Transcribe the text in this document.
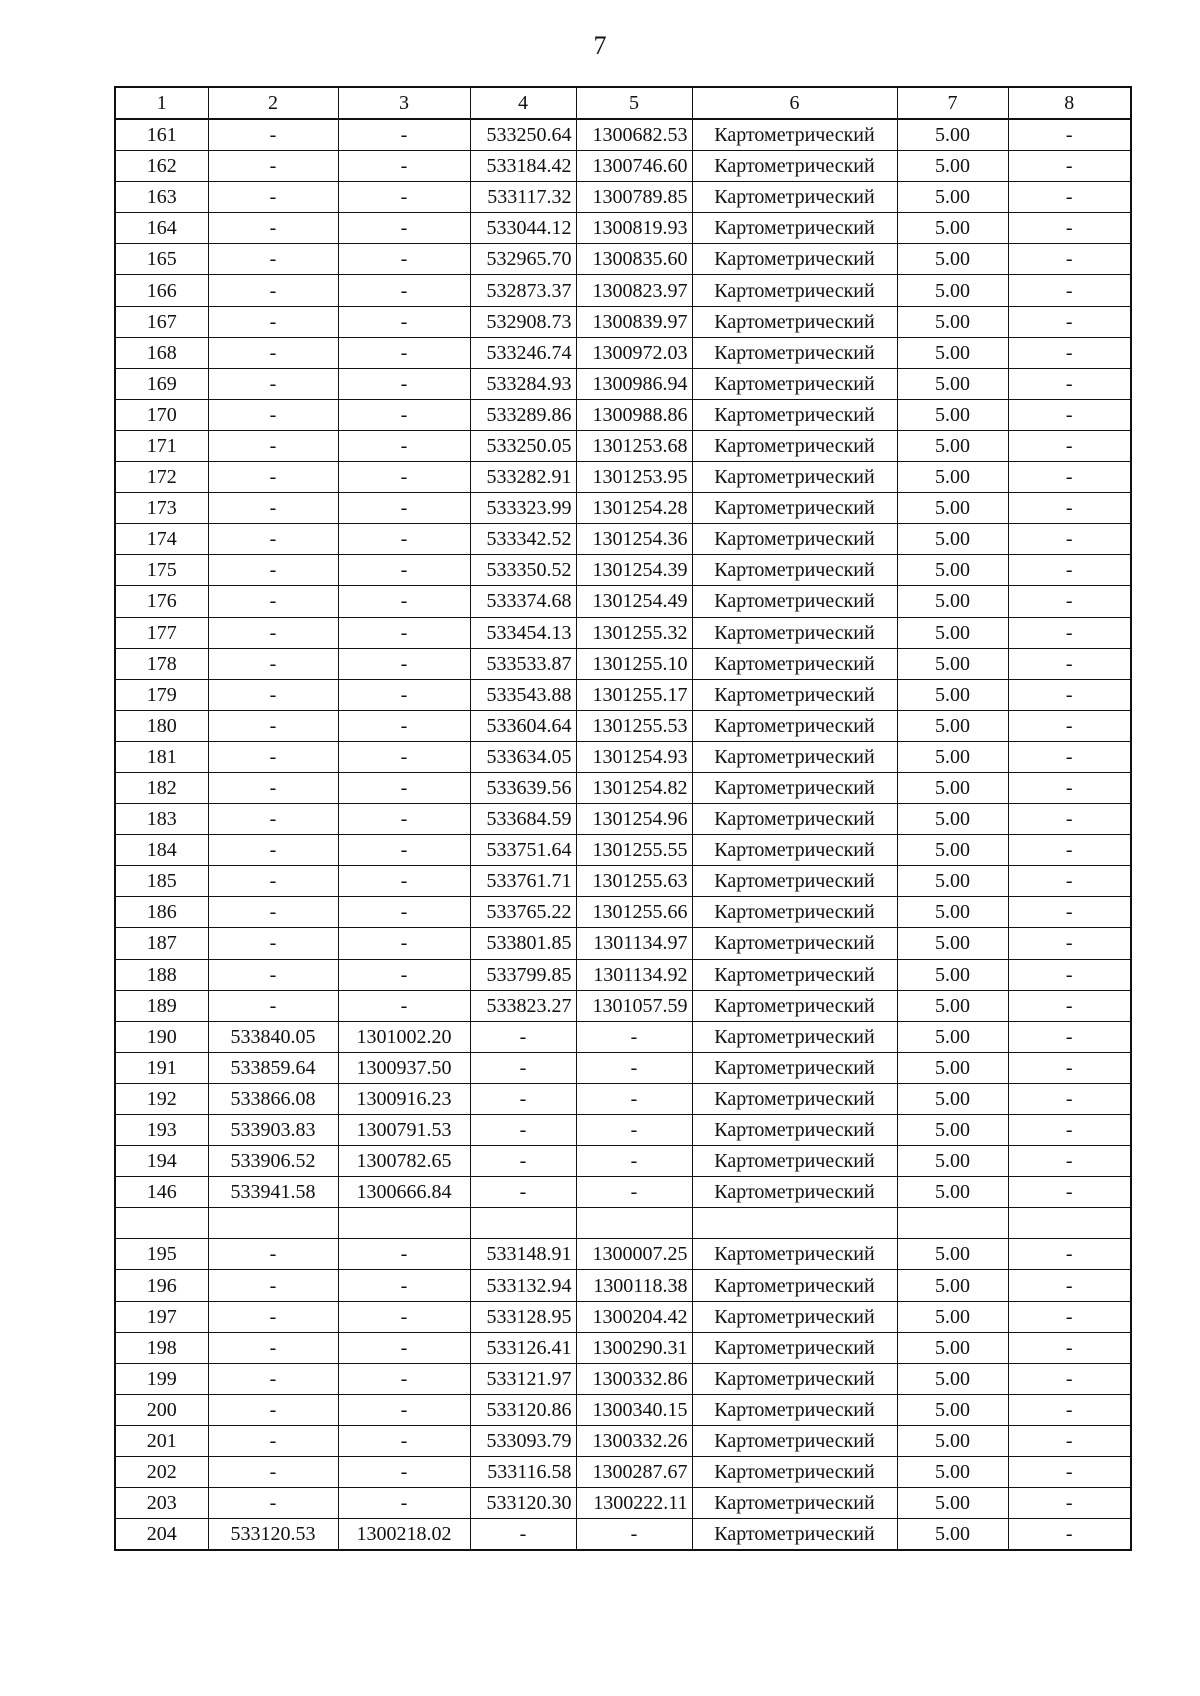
7
1	2	3	4	5	6	7	8
161	-	-	533250.64	1300682.53	Картометрический	5.00	-
162	-	-	533184.42	1300746.60	Картометрический	5.00	-
163	-	-	533117.32	1300789.85	Картометрический	5.00	-
164	-	-	533044.12	1300819.93	Картометрический	5.00	-
165	-	-	532965.70	1300835.60	Картометрический	5.00	-
166	-	-	532873.37	1300823.97	Картометрический	5.00	-
167	-	-	532908.73	1300839.97	Картометрический	5.00	-
168	-	-	533246.74	1300972.03	Картометрический	5.00	-
169	-	-	533284.93	1300986.94	Картометрический	5.00	-
170	-	-	533289.86	1300988.86	Картометрический	5.00	-
171	-	-	533250.05	1301253.68	Картометрический	5.00	-
172	-	-	533282.91	1301253.95	Картометрический	5.00	-
173	-	-	533323.99	1301254.28	Картометрический	5.00	-
174	-	-	533342.52	1301254.36	Картометрический	5.00	-
175	-	-	533350.52	1301254.39	Картометрический	5.00	-
176	-	-	533374.68	1301254.49	Картометрический	5.00	-
177	-	-	533454.13	1301255.32	Картометрический	5.00	-
178	-	-	533533.87	1301255.10	Картометрический	5.00	-
179	-	-	533543.88	1301255.17	Картометрический	5.00	-
180	-	-	533604.64	1301255.53	Картометрический	5.00	-
181	-	-	533634.05	1301254.93	Картометрический	5.00	-
182	-	-	533639.56	1301254.82	Картометрический	5.00	-
183	-	-	533684.59	1301254.96	Картометрический	5.00	-
184	-	-	533751.64	1301255.55	Картометрический	5.00	-
185	-	-	533761.71	1301255.63	Картометрический	5.00	-
186	-	-	533765.22	1301255.66	Картометрический	5.00	-
187	-	-	533801.85	1301134.97	Картометрический	5.00	-
188	-	-	533799.85	1301134.92	Картометрический	5.00	-
189	-	-	533823.27	1301057.59	Картометрический	5.00	-
190	533840.05	1301002.20	-	-	Картометрический	5.00	-
191	533859.64	1300937.50	-	-	Картометрический	5.00	-
192	533866.08	1300916.23	-	-	Картометрический	5.00	-
193	533903.83	1300791.53	-	-	Картометрический	5.00	-
194	533906.52	1300782.65	-	-	Картометрический	5.00	-
146	533941.58	1300666.84	-	-	Картометрический	5.00	-

195	-	-	533148.91	1300007.25	Картометрический	5.00	-
196	-	-	533132.94	1300118.38	Картометрический	5.00	-
197	-	-	533128.95	1300204.42	Картометрический	5.00	-
198	-	-	533126.41	1300290.31	Картометрический	5.00	-
199	-	-	533121.97	1300332.86	Картометрический	5.00	-
200	-	-	533120.86	1300340.15	Картометрический	5.00	-
201	-	-	533093.79	1300332.26	Картометрический	5.00	-
202	-	-	533116.58	1300287.67	Картометрический	5.00	-
203	-	-	533120.30	1300222.11	Картометрический	5.00	-
204	533120.53	1300218.02	-	-	Картометрический	5.00	-
